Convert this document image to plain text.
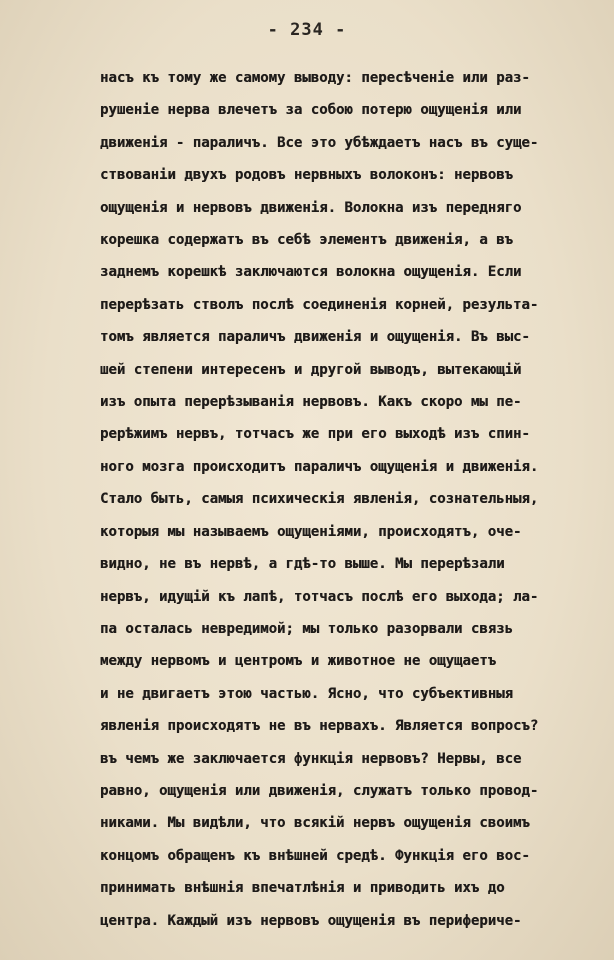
- 234 -
насъ къ тому же самому выводу: пересѣченіе или раз-
рушеніе нерва влечетъ за собою потерю ощущенія или
движенія - параличъ. Все это убѣждаетъ насъ въ суще-
ствованіи двухъ родовъ нервныхъ волоконъ: нервовъ
ощущенія и нервовъ движенія. Волокна изъ передняго
корешка содержатъ въ себѣ элементъ движенія, а въ
заднемъ корешкѣ заключаются волокна ощущенія. Если
перерѣзать стволъ послѣ соединенія корней, результа-
томъ является параличъ движенія и ощущенія. Въ выс-
шей степени интересенъ и другой выводъ, вытекающій
изъ опыта перерѣзыванія нервовъ. Какъ скоро мы пе-
рерѣжимъ нервъ, тотчасъ же при его выходѣ изъ спин-
ного мозга происходитъ параличъ ощущенія и движенія.
Стало быть, самыя психическія явленія, сознательныя,
которыя мы называемъ ощущеніями, происходятъ, оче-
видно, не въ нервѣ, а гдѣ-то выше. Мы перерѣзали
нервъ, идущій къ лапѣ, тотчасъ послѣ его выхода; ла-
па осталась невредимой; мы только разорвали связь
между нервомъ и центромъ и животное не ощущаетъ
и не двигаетъ этою частью. Ясно, что субъективныя
явленія происходятъ не въ нервахъ. Является вопросъ?
въ чемъ же заключается функція нервовъ? Нервы, все
равно, ощущенія или движенія, служатъ только провод-
никами. Мы видѣли, что всякій нервъ ощущенія своимъ
концомъ обращенъ къ внѣшней средѣ. Функція его вос-
принимать внѣшнія впечатлѣнія и приводить ихъ до
центра. Каждый изъ нервовъ ощущенія въ перифериче-
